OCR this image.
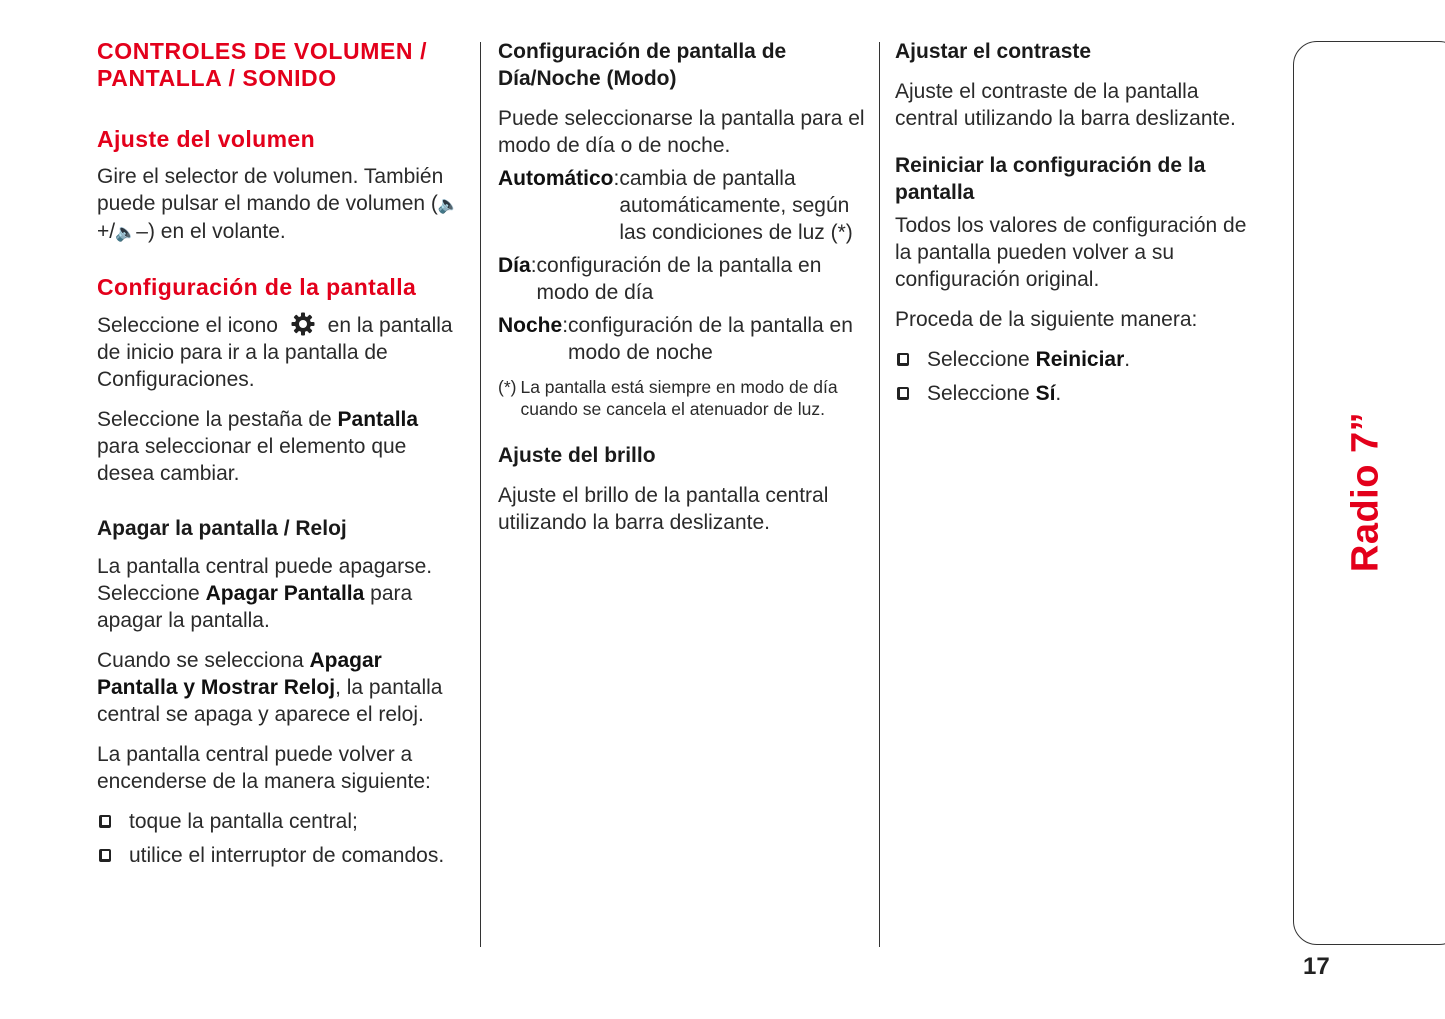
CONTROLES DE VOLUMEN / PANTALLA / SONIDO
Ajuste del volumen

Gire el selector de volumen. También puede pulsar el mando de volumen (🔈+/🔈–) en el volante.

Configuración de la pantalla

Seleccione el icono en la pantalla de inicio para ir a la pantalla de Configuraciones.

Seleccione la pestaña de Pantalla para seleccionar el elemento que desea cambiar.

Apagar la pantalla / Reloj

La pantalla central puede apagarse. Seleccione Apagar Pantalla para apagar la pantalla.

Cuando se selecciona Apagar Pantalla y Mostrar Reloj, la pantalla central se apaga y aparece el reloj.

La pantalla central puede volver a encenderse de la manera siguiente:

toque la pantalla central;
utilice el interruptor de comandos.
Configuración de pantalla de Día/Noche (Modo)

Puede seleccionarse la pantalla para el modo de día o de noche.

Automático: cambia de pantalla automáticamente, según las condiciones de luz (*)
Día: configuración de la pantalla en modo de día
Noche: configuración de la pantalla en modo de noche
(*) La pantalla está siempre en modo de día cuando se cancela el atenuador de luz.
Ajuste del brillo

Ajuste el brillo de la pantalla central utilizando la barra deslizante.

Ajustar el contraste

Ajuste el contraste de la pantalla central utilizando la barra deslizante.

Reiniciar la configuración de la pantalla

Todos los valores de configuración de la pantalla pueden volver a su configuración original.

Proceda de la siguiente manera:

Seleccione Reiniciar.
Seleccione Sí.
Radio 7”
17
